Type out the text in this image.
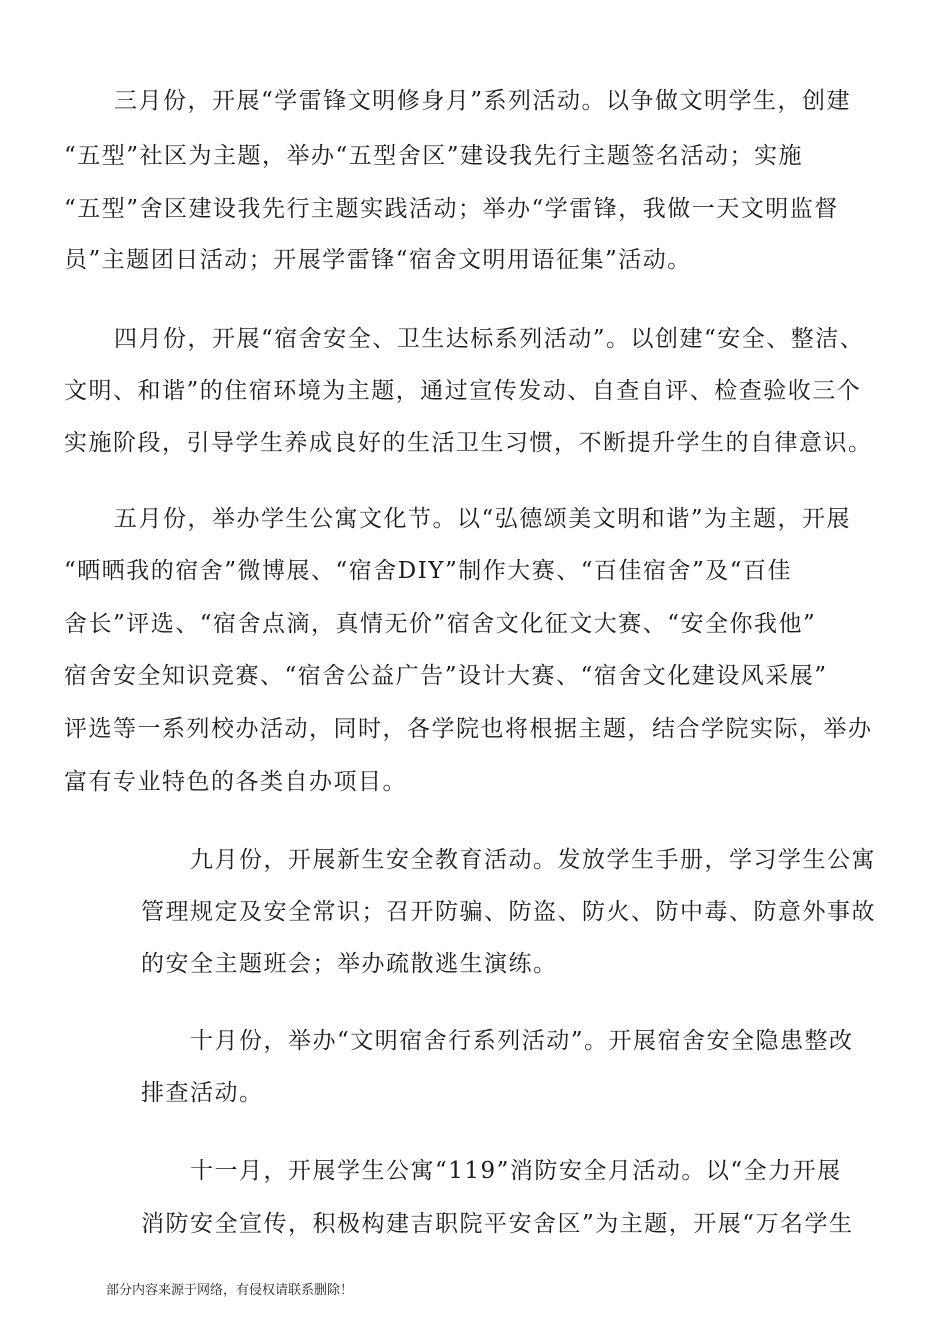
三月份，开展“学雷锋文明修身月”系列活动。以争做文明学生，创建
“五型”社区为主题，举办“五型舍区”建设我先行主题签名活动；实施
“五型”舍区建设我先行主题实践活动；举办“学雷锋，我做一天文明监督
员”主题团日活动；开展学雷锋“宿舍文明用语征集”活动。
四月份，开展“宿舍安全、卫生达标系列活动”。以创建“安全、整洁、
文明、和谐”的住宿环境为主题，通过宣传发动、自查自评、检查验收三个
实施阶段，引导学生养成良好的生活卫生习惯，不断提升学生的自律意识。
五月份，举办学生公寓文化节。以“弘德颂美文明和谐”为主题，开展
“晒晒我的宿舍”微博展、“宿舍DIY”制作大赛、“百佳宿舍”及“百佳
舍长”评选、“宿舍点滴，真情无价”宿舍文化征文大赛、“安全你我他”
宿舍安全知识竞赛、“宿舍公益广告”设计大赛、“宿舍文化建设风采展”
评选等一系列校办活动，同时，各学院也将根据主题，结合学院实际，举办
富有专业特色的各类自办项目。
九月份，开展新生安全教育活动。发放学生手册，学习学生公寓
管理规定及安全常识；召开防骗、防盗、防火、防中毒、防意外事故
的安全主题班会；举办疏散逃生演练。
十月份，举办“文明宿舍行系列活动”。开展宿舍安全隐患整改
排查活动。
十一月，开展学生公寓“119”消防安全月活动。以“全力开展
消防安全宣传，积极构建吉职院平安舍区”为主题，开展“万名学生
部分内容来源于网络，有侵权请联系删除！
